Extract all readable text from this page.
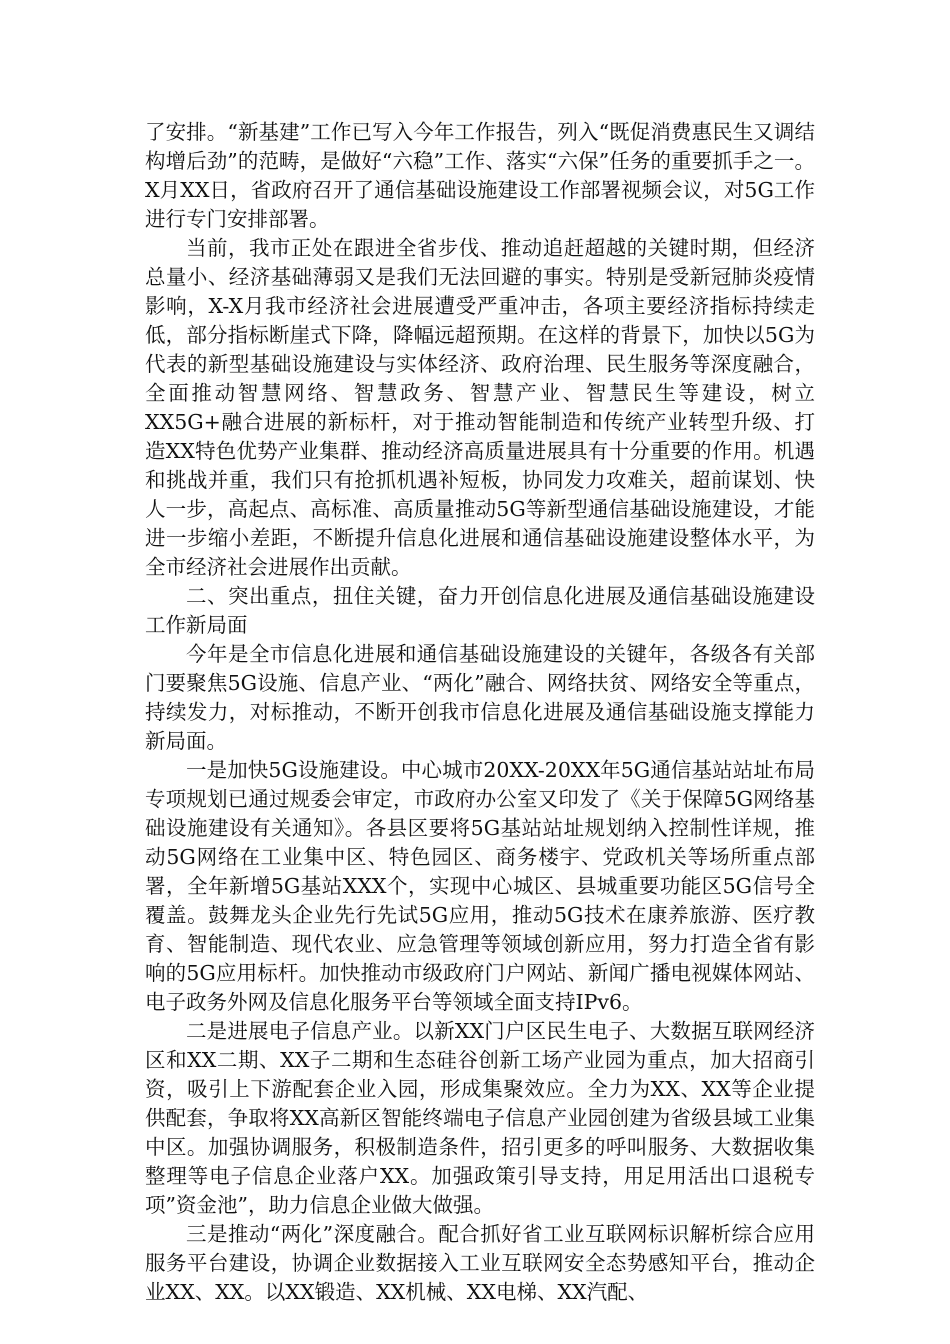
了安排。“新基建”工作已写入今年工作报告，列入“既促消费惠民生又调结构增后劲”的范畴，是做好“六稳”工作、落实“六保”任务的重要抓手之一。X月XX日，省政府召开了通信基础设施建设工作部署视频会议，对5G工作进行专门安排部署。

当前，我市正处在跟进全省步伐、推动追赶超越的关键时期，但经济总量小、经济基础薄弱又是我们无法回避的事实。特别是受新冠肺炎疫情影响，X-X月我市经济社会进展遭受严重冲击，各项主要经济指标持续走低，部分指标断崖式下降，降幅远超预期。在这样的背景下，加快以5G为代表的新型基础设施建设与实体经济、政府治理、民生服务等深度融合，全面推动智慧网络、智慧政务、智慧产业、智慧民生等建设，树立XX5G+融合进展的新标杆，对于推动智能制造和传统产业转型升级、打造XX特色优势产业集群、推动经济高质量进展具有十分重要的作用。机遇和挑战并重，我们只有抢抓机遇补短板，协同发力攻难关，超前谋划、快人一步，高起点、高标准、高质量推动5G等新型通信基础设施建设，才能进一步缩小差距，不断提升信息化进展和通信基础设施建设整体水平，为全市经济社会进展作出贡献。

二、突出重点，扭住关键，奋力开创信息化进展及通信基础设施建设工作新局面

今年是全市信息化进展和通信基础设施建设的关键年，各级各有关部门要聚焦5G设施、信息产业、“两化”融合、网络扶贫、网络安全等重点，持续发力，对标推动，不断开创我市信息化进展及通信基础设施支撑能力新局面。

一是加快5G设施建设。中心城市20XX-20XX年5G通信基站站址布局专项规划已通过规委会审定，市政府办公室又印发了《关于保障5G网络基础设施建设有关通知》。各县区要将5G基站站址规划纳入控制性详规，推动5G网络在工业集中区、特色园区、商务楼宇、党政机关等场所重点部署，全年新增5G基站XXX个，实现中心城区、县城重要功能区5G信号全覆盖。鼓舞龙头企业先行先试5G应用，推动5G技术在康养旅游、医疗教育、智能制造、现代农业、应急管理等领域创新应用，努力打造全省有影响的5G应用标杆。加快推动市级政府门户网站、新闻广播电视媒体网站、电子政务外网及信息化服务平台等领域全面支持IPv6。

二是进展电子信息产业。以新XX门户区民生电子、大数据互联网经济区和XX二期、XX子二期和生态硅谷创新工场产业园为重点，加大招商引资，吸引上下游配套企业入园，形成集聚效应。全力为XX、XX等企业提供配套，争取将XX高新区智能终端电子信息产业园创建为省级县域工业集中区。加强协调服务，积极制造条件，招引更多的呼叫服务、大数据收集整理等电子信息企业落户XX。加强政策引导支持，用足用活出口退税专项”资金池”，助力信息企业做大做强。

三是推动“两化”深度融合。配合抓好省工业互联网标识解析综合应用服务平台建设，协调企业数据接入工业互联网安全态势感知平台，推动企业XX、XX。以XX锻造、XX机械、XX电梯、XX汽配、
